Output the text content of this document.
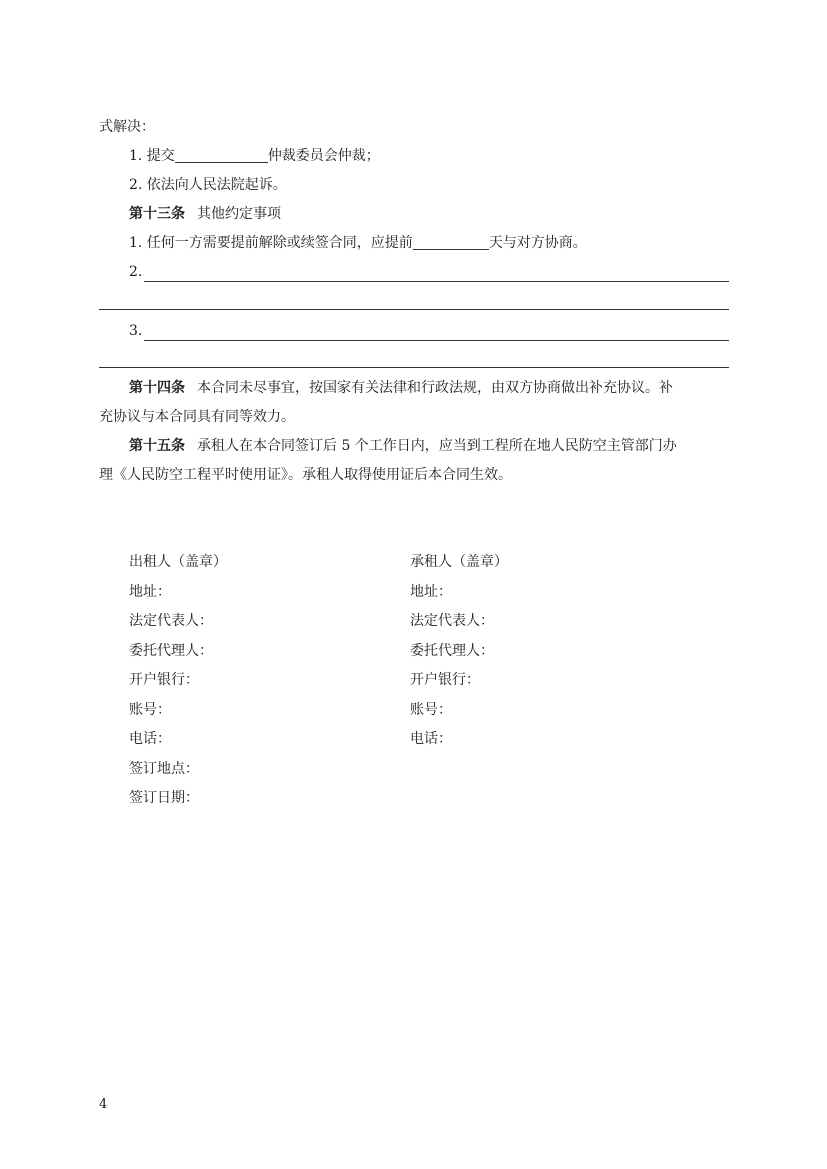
式解决：
1. 提交	仲裁委员会仲裁；
2. 依法向人民法院起诉。
第十三条 其他约定事项
1. 任何一方需要提前解除或续签合同，应提前	天与对方协商。
2.
3.
第十四条 本合同未尽事宜，按国家有关法律和行政法规，由双方协商做出补充协议。补
充协议与本合同具有同等效力。
第十五条 承租人在本合同签订后 5 个工作日内，应当到工程所在地人民防空主管部门办
理《人民防空工程平时使用证》。承租人取得使用证后本合同生效。
出租人（盖章）
地址：
法定代表人：
委托代理人：
开户银行：
账号：
电话：
签订地点：
签订日期：
承租人（盖章）
地址：
法定代表人：
委托代理人：
开户银行：
账号：
电话：
4
